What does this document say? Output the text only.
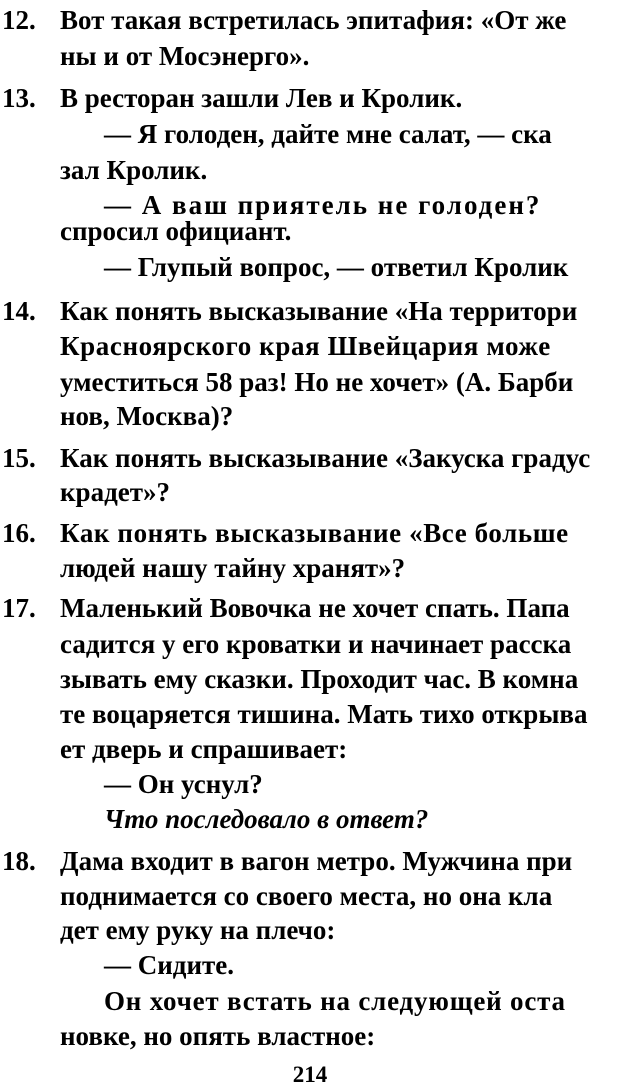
12. Вот такая встретилась эпитафия: «От же
ны и от Мосэнерго».
13. В ресторан зашли Лев и Кролик.
— Я голоден, дайте мне салат, — ска
зал Кролик.
— А ваш приятель не голоден?
спросил официант.
— Глупый вопрос, — ответил Кролик
14. Как понять высказывание «На территори
Красноярского края Швейцария може
уместиться 58 раз! Но не хочет» (А. Барби
нов, Москва)?
15. Как понять высказывание «Закуска градус
крадет»?
16. Как понять высказывание «Все больше
людей нашу тайну хранят»?
17. Маленький Вовочка не хочет спать. Папа
садится у его кроватки и начинает расска
зывать ему сказки. Проходит час. В комна
те воцаряется тишина. Мать тихо открыва
ет дверь и спрашивает:
— Он уснул?
Что последовало в ответ?
18. Дама входит в вагон метро. Мужчина при
поднимается со своего места, но она кла
дет ему руку на плечо:
— Сидите.
Он хочет встать на следующей оста
новке, но опять властное:
214
